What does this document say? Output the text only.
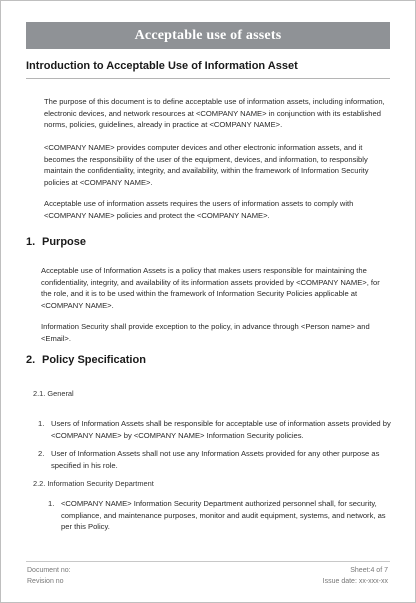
Acceptable use of assets
Introduction to Acceptable Use of Information Asset

The purpose of this document is to define acceptable use of information assets, including information, electronic devices, and network resources at <COMPANY NAME> in conjunction with its established norms, policies, guidelines, already in practice at <COMPANY NAME>.

<COMPANY NAME> provides computer devices and other electronic information assets, and it becomes the responsibility of the user of the equipment, devices, and information, to responsibly maintain the confidentiality, integrity, and availability, within the framework of Information Security policies at <COMPANY NAME>.

Acceptable use of information assets requires the users of information assets to comply with <COMPANY NAME> policies and protect the <COMPANY NAME>.

1. Purpose

Acceptable use of Information Assets is a policy that makes users responsible for maintaining the confidentiality, integrity, and availability of its information assets provided by <COMPANY NAME>, for the role, and it is to be used within the framework of Information Security Policies applicable at <COMPANY NAME>.

Information Security shall provide exception to the policy, in advance through <Person name> and <Email>.

2. Policy Specification
2.1. General
1. Users of Information Assets shall be responsible for acceptable use of information assets provided by <COMPANY NAME> by <COMPANY NAME> Information Security policies.
2. User of Information Assets shall not use any Information Assets provided for any other purpose as specified in his role.
2.2. Information Security Department
1. <COMPANY NAME> Information Security Department authorized personnel shall, for security, compliance, and maintenance purposes, monitor and audit equipment, systems, and network, as per this Policy.
Document no:
Revision no
Sheet:4 of 7
Issue date: xx-xxx-xx
